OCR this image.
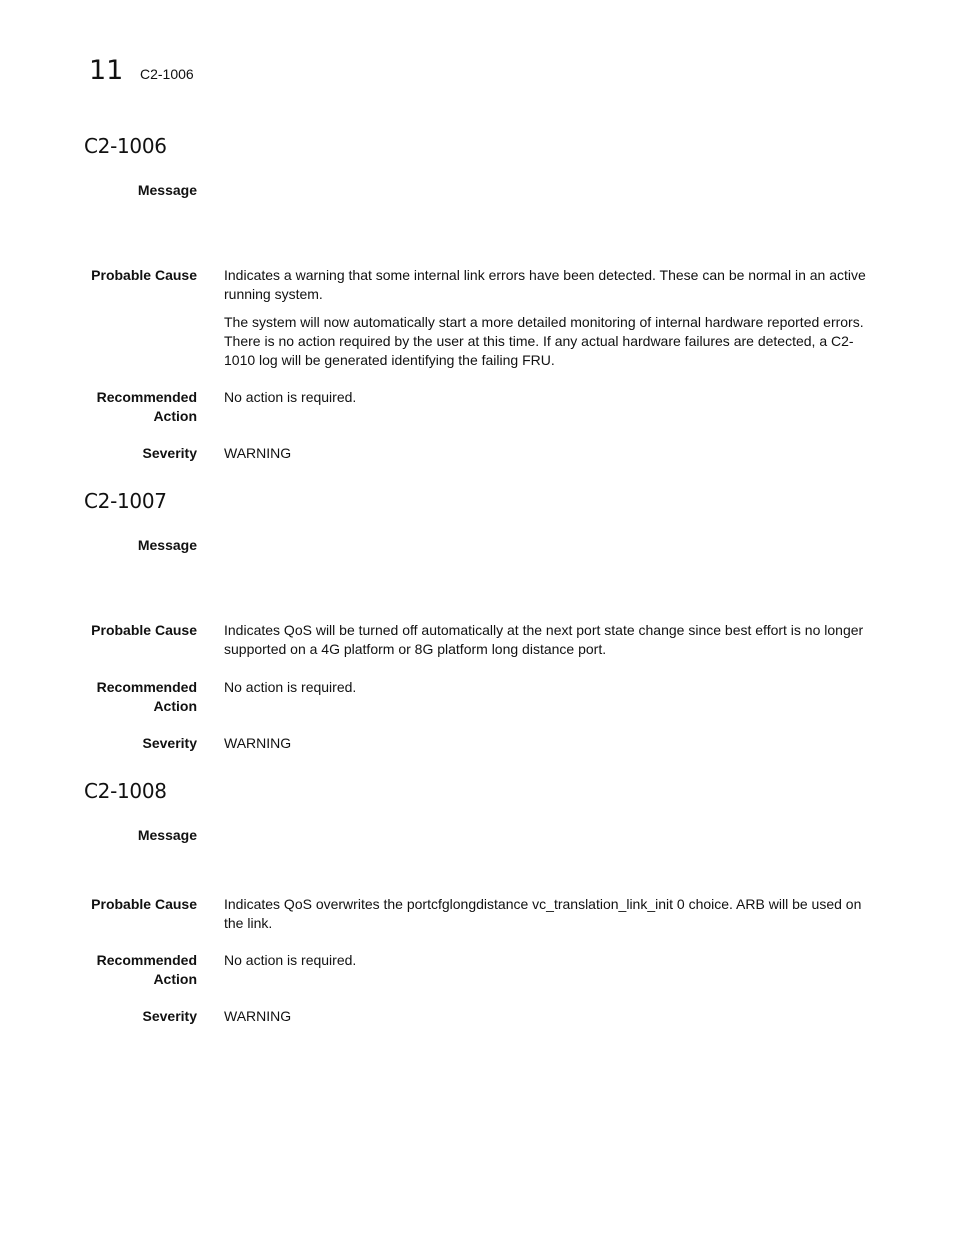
11 C2-1006
C2-1006
Message
Probable Cause Indicates a warning that some internal link errors have been detected. These can be normal in an active running system.

The system will now automatically start a more detailed monitoring of internal hardware reported errors. There is no action required by the user at this time. If any actual hardware failures are detected, a C2-1010 log will be generated identifying the failing FRU.

Recommended Action
No action is required.
Severity WARNING
C2-1007
Message
Probable Cause Indicates QoS will be turned off automatically at the next port state change since best effort is no longer supported on a 4G platform or 8G platform long distance port.

Recommended Action
No action is required.
Severity WARNING
C2-1008
Message
Probable Cause Indicates QoS overwrites the portcfglongdistance vc_translation_link_init 0 choice. ARB will be used on the link.

Recommended Action
No action is required.
Severity WARNING
